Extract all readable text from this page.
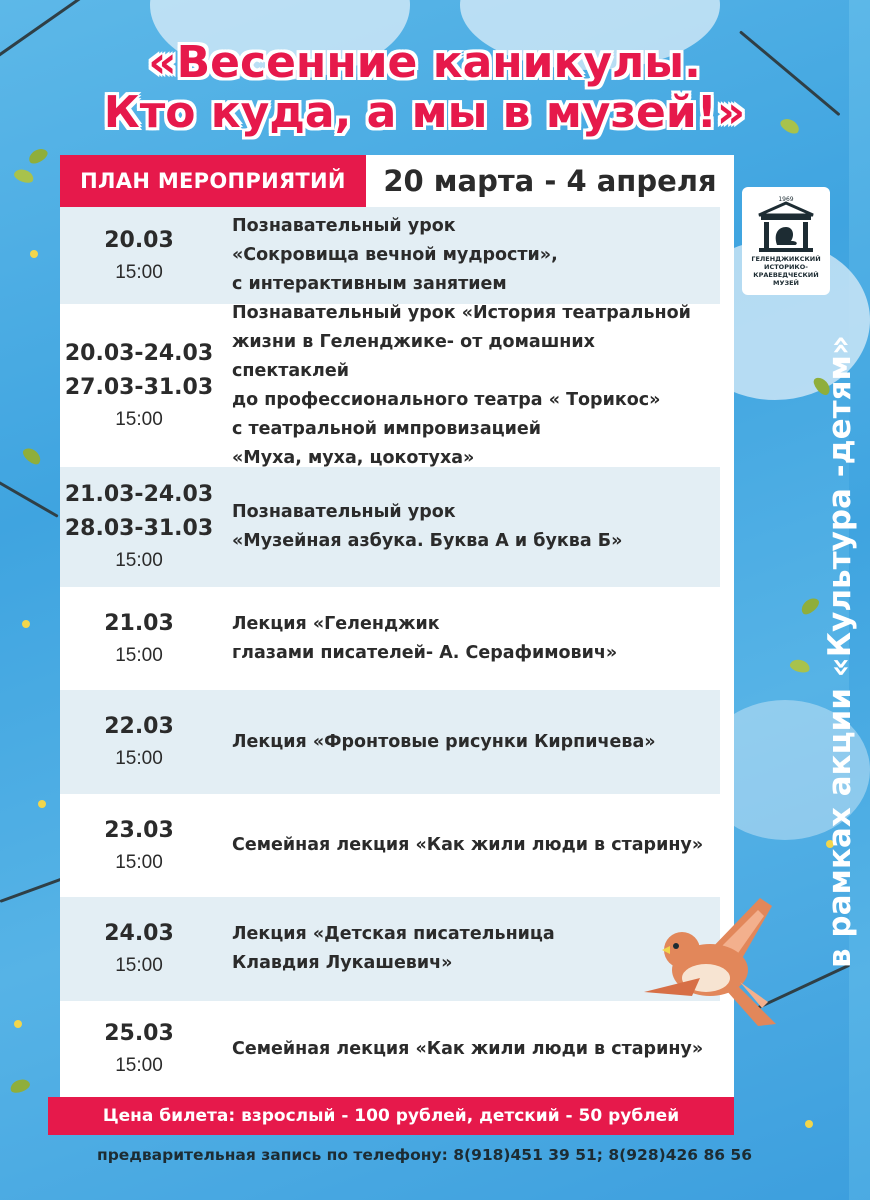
«Весенние каникулы.
Кто куда, а мы в музей!»
ПЛАН МЕРОПРИЯТИЙ	20 марта - 4 апреля
1969
ГЕЛЕНДЖИКСКИЙ
ИСТОРИКО-КРАЕВЕДЧЕСКИЙ
МУЗЕЙ
20.03
15:00
Познавательный урок
«Сокровища вечной мудрости»,
с интерактивным занятием
20.03-24.03
27.03-31.03
15:00
Познавательный урок «История театральной
жизни в Геленджике- от домашних спектаклей
до профессионального театра « Торикос»
с театральной импровизацией
«Муха, муха, цокотуха»
21.03-24.03
28.03-31.03
15:00
Познавательный урок
«Музейная азбука. Буква А и буква Б»
21.03
15:00
Лекция «Геленджик
глазами писателей- А. Серафимович»
22.03
15:00
Лекция «Фронтовые рисунки Кирпичева»
23.03
15:00
Семейная лекция «Как жили люди в старину»
24.03
15:00
Лекция «Детская писательница
Клавдия Лукашевич»
25.03
15:00
Семейная лекция «Как жили люди в старину»
в рамках акции «Культура -детям»
Цена билета: взрослый - 100 рублей, детский - 50 рублей
предварительная запись по телефону: 8(918)451 39 51; 8(928)426 86 56
